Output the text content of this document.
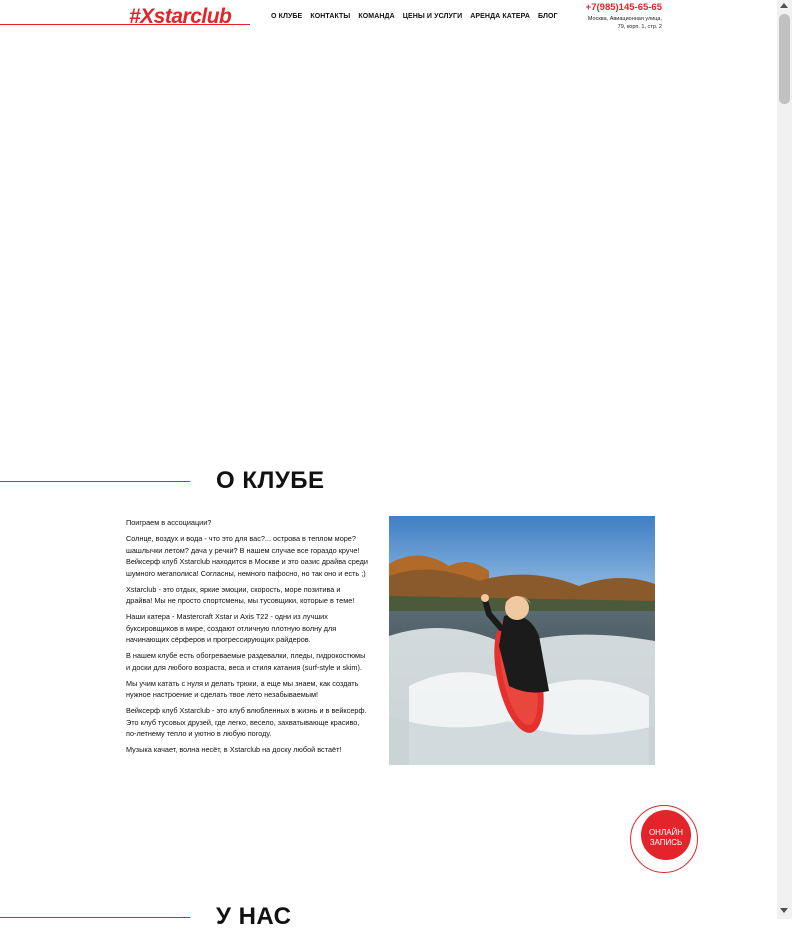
#Xstarclub	О КЛУБЕ КОНТАКТЫ КОМАНДА ЦЕНЫ И УСЛУГИ АРЕНДА КАТЕРА БЛОГ
+7(985)145-65-65
Москва, Авиационная улица,
79, корп. 1, стр. 2
О КЛУБЕ

Поиграем в ассоциации?

Солнце, воздух и вода - что это для вас?... острова в теплом море? шашлычки летом? дача у речки? В нашем случае все гораздо круче! Вейксерф клуб Xstarclub находится в Москве и это оазис драйва среди шумного мегаполиса! Согласны, немного пафосно, но так оно и есть ;)

Xstarclub - это отдых, яркие эмоции, скорость, море позитива и драйва! Мы не просто спортсмены, мы тусовщики, которые в теме!

Наши катера - Mastercraft Xstar и Axis T22 - одни из лучших буксировщиков в мире, создают отличную плотную волну для начинающих сёрферов и прогрессирующих райдеров.

В нашем клубе есть обогреваемые раздевалки, пледы, гидрокостюмы и доски для любого возраста, веса и стиля катания (surf-style и skim).

Мы учим катать с нуля и делать трюки, а еще мы знаем, как создать нужное настроение и сделать твое лето незабываемым!

Вейксерф клуб Xstarclub - это клуб влюбленных в жизнь и в вейксерф. Это клуб тусовых друзей, где легко, весело, захватывающе красиво, по-летнему тепло и уютно в любую погоду.

Музыка качает, волна несёт, в Xstarclub на доску любой встаёт!

ОНЛАЙН
ЗАПИСЬ
У НАС
